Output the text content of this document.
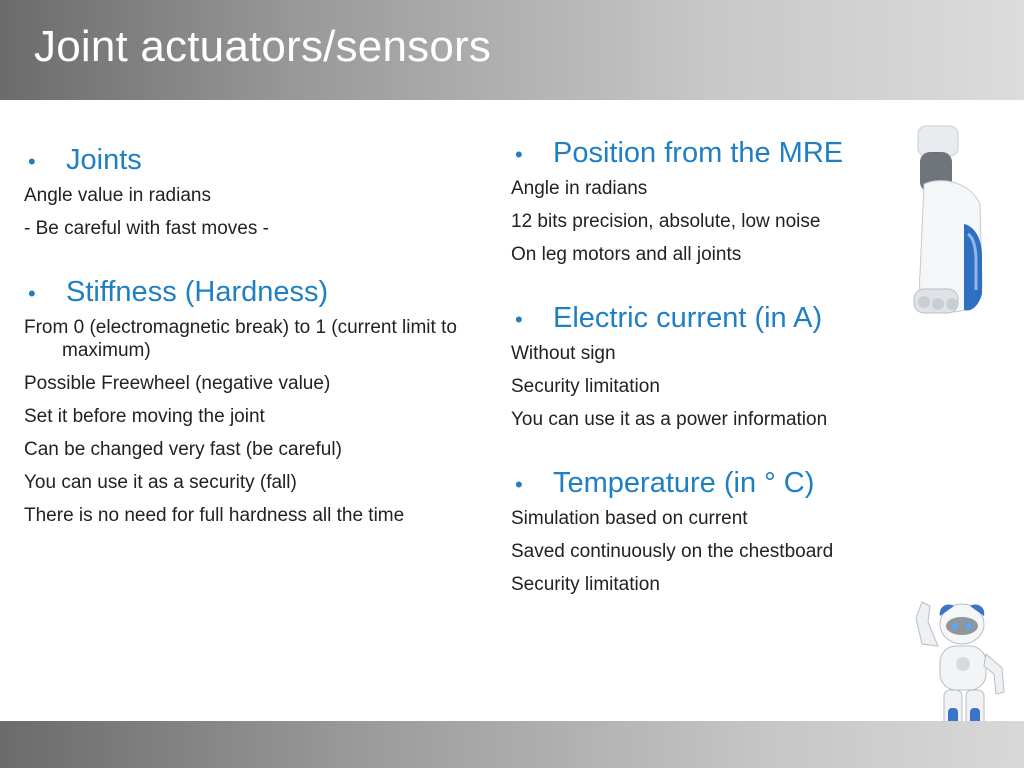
Joint actuators/sensors
•	Joints
Angle value in radians
- Be careful with fast moves -
•	Stiffness (Hardness)
From 0 (electromagnetic break) to 1 (current limit to maximum)
Possible Freewheel (negative value)
Set it before moving the joint
Can be changed very fast (be careful)
You can use it as a security (fall)
There is no need for full hardness all the time
•	Position from the MRE
Angle in radians
12 bits precision, absolute, low noise
On leg motors and all joints
•	Electric current (in A)
Without sign
Security limitation
You can use it as a power information
•	Temperature (in ° C)
Simulation based on current
Saved continuously on the chestboard
Security limitation
